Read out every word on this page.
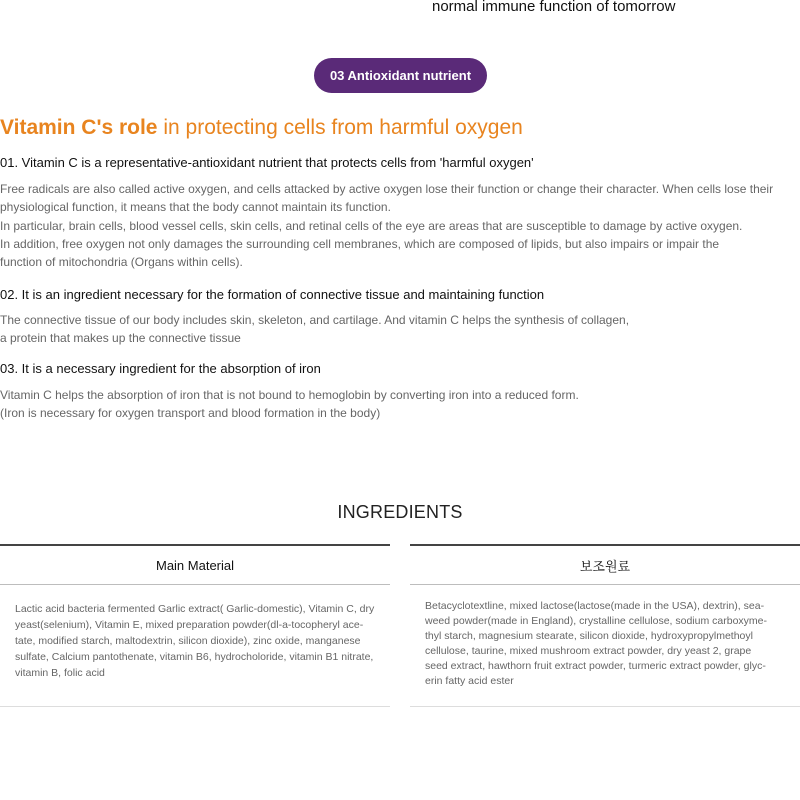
normal immune function of tomorrow
03 Antioxidant nutrient
Vitamin C's role in protecting cells from harmful oxygen
01. Vitamin C is a representative-antioxidant nutrient that protects cells from 'harmful oxygen'
Free radicals are also called active oxygen, and cells attacked by active oxygen lose their function or change their character. When cells lose their
physiological function, it means that the body cannot maintain its function.
In particular, brain cells, blood vessel cells, skin cells, and retinal cells of the eye are areas that are susceptible to damage by active oxygen.
In addition, free oxygen not only damages the surrounding cell membranes, which are composed of lipids, but also impairs or impair the
function of mitochondria (Organs within cells).
02. It is an ingredient necessary for the formation of connective tissue and maintaining function
The connective tissue of our body includes skin, skeleton, and cartilage. And vitamin C helps the synthesis of collagen,
a protein that makes up the connective tissue
03. It is a necessary ingredient for the absorption of iron
Vitamin C helps the absorption of iron that is not bound to hemoglobin by converting iron into a reduced form.
(Iron is necessary for oxygen transport and blood formation in the body)
INGREDIENTS
Main Material
Lactic acid bacteria fermented Garlic extract( Garlic-domestic), Vitamin C, dry
yeast(selenium), Vitamin E, mixed preparation powder(dl-a-tocopheryl ace-
tate, modified starch, maltodextrin, silicon dioxide), zinc oxide, manganese
sulfate, Calcium pantothenate, vitamin B6, hydrocholoride, vitamin B1 nitrate,
vitamin B, folic acid
보조원료
Betacyclotextline, mixed lactose(lactose(made in the USA), dextrin), sea-
weed powder(made in England), crystalline cellulose, sodium carboxyme-
thyl starch, magnesium stearate, silicon dioxide, hydroxypropylmethoyl
cellulose, taurine, mixed mushroom extract powder, dry yeast 2, grape
seed extract, hawthorn fruit extract powder, turmeric extract powder, glyc-
erin fatty acid ester
